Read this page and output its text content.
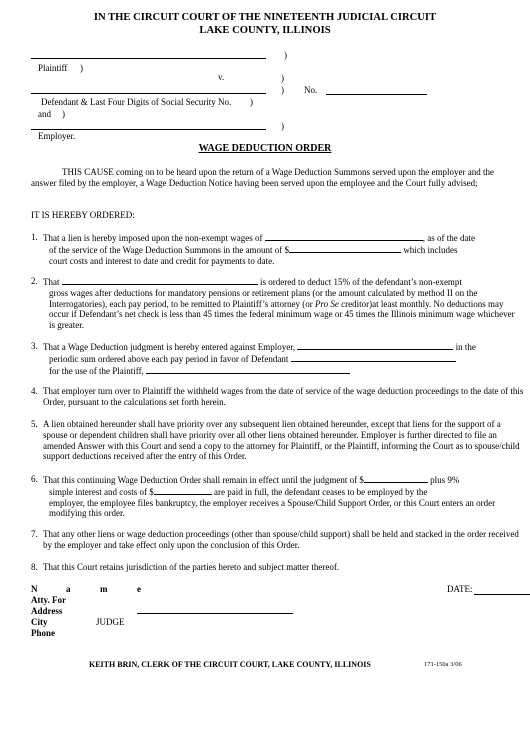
IN THE CIRCUIT COURT OF THE NINETEENTH JUDICIAL CIRCUIT
LAKE COUNTY, ILLINOIS
)
Plaintiff )
v.	)
) No.
Defendant & Last Four Digits of Social Security No. )
and )
)
Employer.
WAGE DEDUCTION ORDER
THIS CAUSE coming on to be heard upon the return of a Wage Deduction Summons served upon the employer and the answer filed by the employer, a Wage Deduction Notice having been served upon the employee and the Court fully advised;
IT IS HEREBY ORDERED:
1. That a lien is hereby imposed upon the non-exempt wages of	, as of the date
of the service of the Wage Deduction Summons in the amount of $	which includes
court costs and interest to date and credit for payments to date.
2. That	is ordered to deduct 15% of the defendant’s non-exempt
gross wages after deductions for mandatory pensions or retirement plans (or the amount calculated by method II on the Interrogatories), each pay period, to be remitted to Plaintiff’s attorney (or Pro Se creditor)at least monthly. No deductions may occur if Defendant’s net check is less than 45 times the federal minimum wage or 45 times the Illinois minimum wage whichever is greater.
3. That a Wage Deduction judgment is hereby entered against Employer,	in the
periodic sum ordered above each pay period in favor of Defendant
for the use of the Plaintiff,
4. That employer turn over to Plaintiff the withheld wages from the date of service of the wage deduction proceedings to the date of this Order, pursuant to the calculations set forth herein.
5. A lien obtained hereunder shall have priority over any subsequent lien obtained hereunder, except that liens for the support of a spouse or dependent children shall have priority over all other liens obtained hereunder. Employer is further directed to file an amended Answer with this Court and send a copy to the attorney for Plaintiff, or the Plaintiff, informing the Court as to spouse/child support deductions received after the entry of this Order.
6. That this continuing Wage Deduction Order shall remain in effect until the judgment of $	plus 9%
simple interest and costs of $	are paid in full, the defendant ceases to be employed by the
employer, the employee files bankruptcy, the employer receives a Spouse/Child Support Order, or this Court enters an order modifying this order.
7. That any other liens or wage deduction proceedings (other than spouse/child support) shall be held and stacked in the order received by the employer and take effect only upon the conclusion of this Order.
8. That this Court retains jurisdiction of the parties hereto and subject matter thereof.
N	a	m	e
Atty. For
Address
City	JUDGE
Phone
DATE:
KEITH BRIN, CLERK OF THE CIRCUIT COURT, LAKE COUNTY, ILLINOIS	171-150a 3/06
